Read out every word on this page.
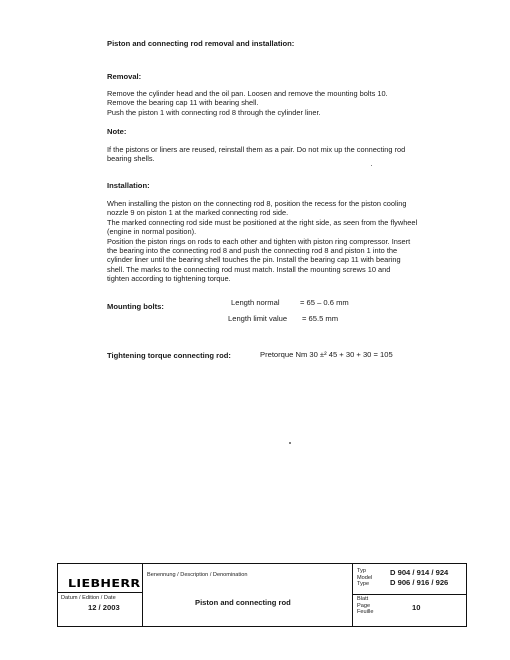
Piston and connecting rod removal and installation:
Removal:
Remove the cylinder head and the oil pan. Loosen and remove the mounting bolts 10.
Remove the bearing cap 11 with bearing shell.
Push the piston 1 with connecting rod 8 through the cylinder liner.
Note:
If the pistons or liners are reused, reinstall them as a pair. Do not mix up the connecting rod
bearing shells.
Installation:
When installing the piston on the connecting rod 8, position the recess for the piston cooling
nozzle 9 on piston 1 at the marked connecting rod side.
The marked connecting rod side must be positioned at the right side, as seen from the flywheel
(engine in normal position).
Position the piston rings on rods to each other and tighten with piston ring compressor. Insert
the bearing into the connecting rod 8 and push the connecting rod 8 and piston 1 into the
cylinder liner until the bearing shell touches the pin. Install the bearing cap 11 with bearing
shell. The marks to the connecting rod must match. Install the mounting screws 10 and
tighten according to tightening torque.
Mounting bolts:	Length normal	= 65 – 0.6 mm
Length limit value = 65.5 mm
Tightening torque connecting rod:	Pretorque Nm 30 ±² 45 + 30 + 30 = 105
LIEBHERR
Datum / Edition / Date
12 / 2003
Benennung / Description / Denomination
Piston and connecting rod
Typ
Model
Type
D 904 / 914 / 924
D 906 / 916 / 926
Blatt
Page
Feuille
10
